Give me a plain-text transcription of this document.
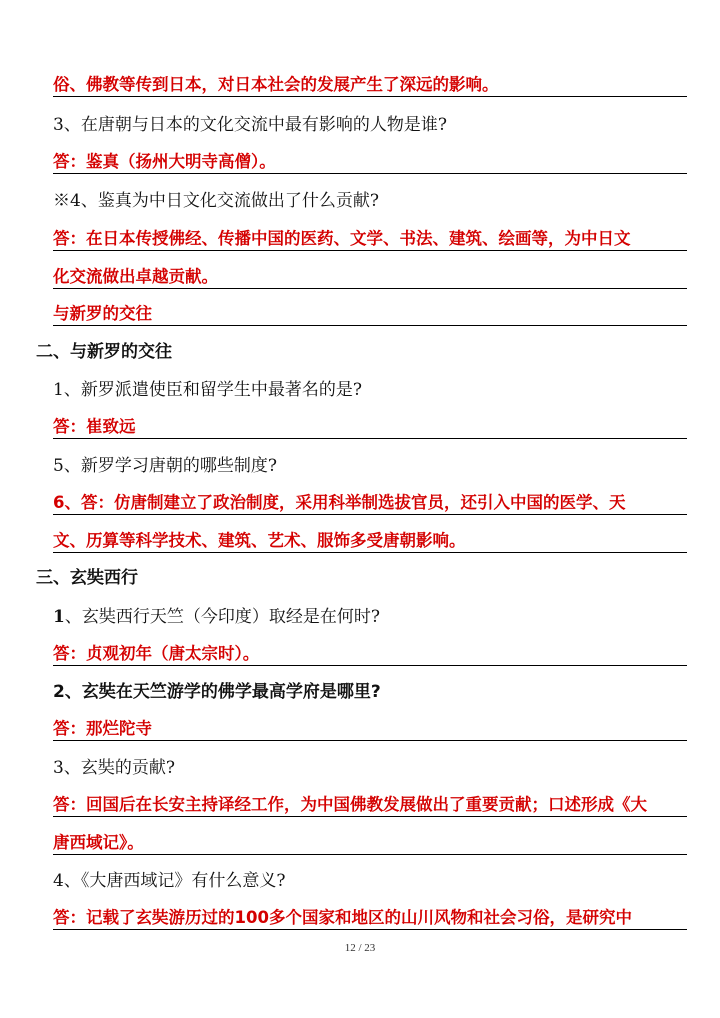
俗、佛教等传到日本，对日本社会的发展产生了深远的影响。
3、在唐朝与日本的文化交流中最有影响的人物是谁?
答：鉴真（扬州大明寺高僧）。
※4、鉴真为中日文化交流做出了什么贡献?
答：在日本传授佛经、传播中国的医药、文学、书法、建筑、绘画等，为中日文
化交流做出卓越贡献。
与新罗的交往
二、与新罗的交往
1、新罗派遣使臣和留学生中最著名的是?
答：崔致远
5、新罗学习唐朝的哪些制度?
6、答：仿唐制建立了政治制度，采用科举制选拔官员，还引入中国的医学、天
文、历算等科学技术、建筑、艺术、服饰多受唐朝影响。
三、玄奘西行
1、玄奘西行天竺（今印度）取经是在何时?
答：贞观初年（唐太宗时）。
2、玄奘在天竺游学的佛学最高学府是哪里?
答：那烂陀寺
3、玄奘的贡献?
答：回国后在长安主持译经工作，为中国佛教发展做出了重要贡献；口述形成《大
唐西域记》。
4、《大唐西域记》有什么意义?
答：记载了玄奘游历过的100多个国家和地区的山川风物和社会习俗，是研究中
12 / 23
